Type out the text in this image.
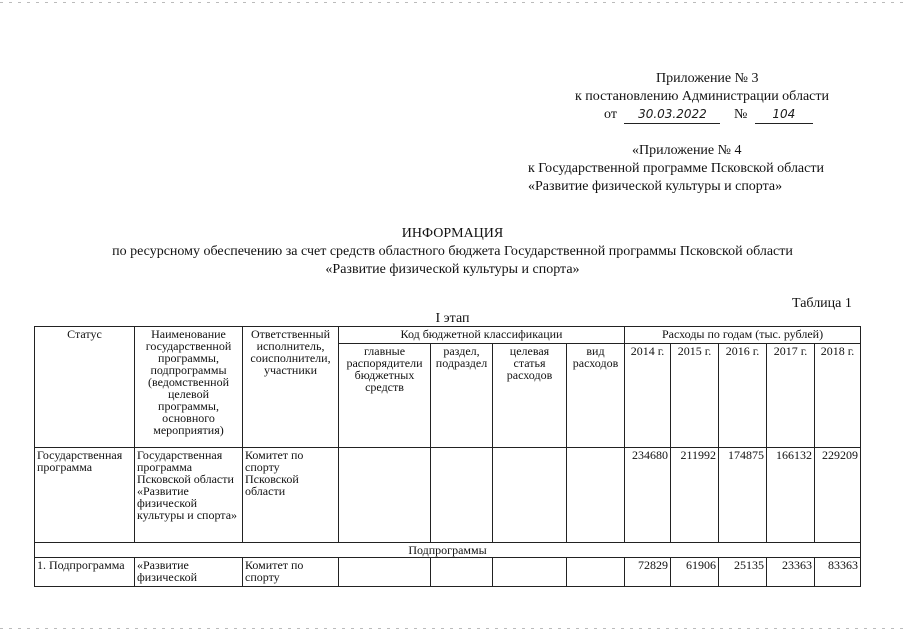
Приложение № 3
к постановлению Администрации области
от 30.03.2022 № 104
«Приложение № 4
к Государственной программе Псковской области
«Развитие физической культуры и спорта»
ИНФОРМАЦИЯ
по ресурсному обеспечению за счет средств областного бюджета Государственной программы Псковской области
«Развитие физической культуры и спорта»
Таблица 1
I этап
Статус	Наименование государственной программы, подпрограммы (ведомственной целевой программы, основного мероприятия)	Ответственный исполнитель, соисполнители, участники	Код бюджетной классификации				Расходы по годам (тыс. рублей)				
			главные распорядители бюджетных средств	раздел, подраздел	целевая статья расходов	вид расходов	2014 г.	2015 г.	2016 г.	2017 г.	2018 г.
Государственная программа	Государственная программа Псковской области «Развитие физической культуры и спорта»	Комитет по спорту Псковской области					234680	211992	174875	166132	229209
Подпрограммы											
1. Подпрограмма	«Развитие физической	Комитет по спорту					72829	61906	25135	23363	83363
